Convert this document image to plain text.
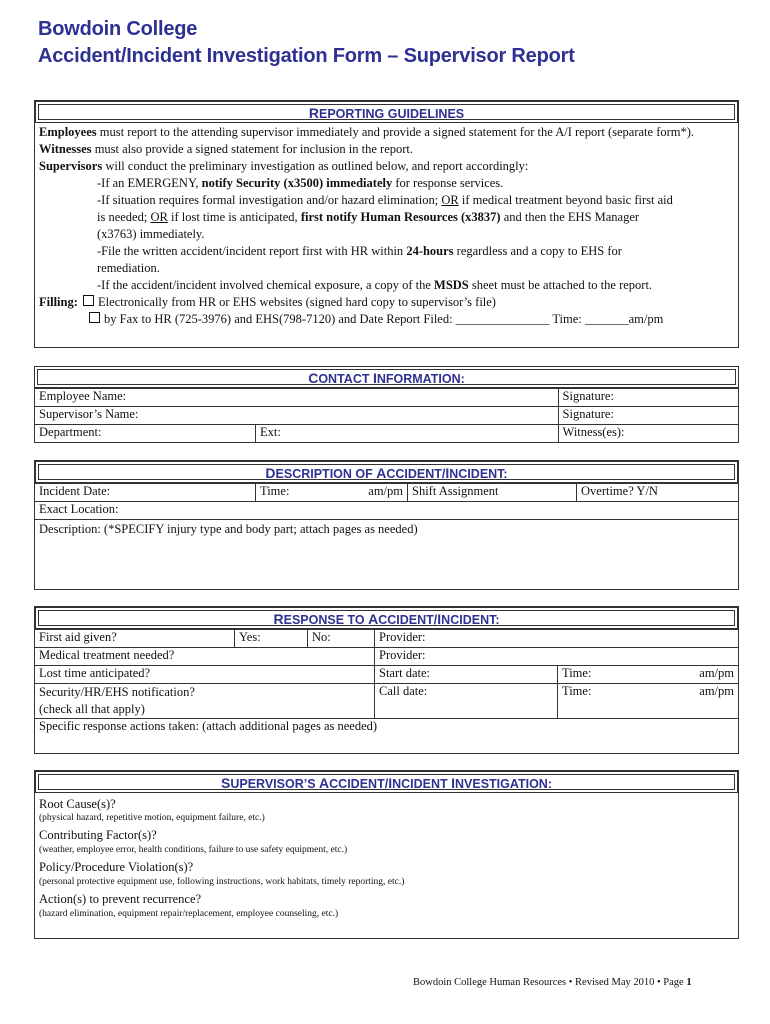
Bowdoin College
Accident/Incident Investigation Form – Supervisor Report
REPORTING GUIDELINES

Employees must report to the attending supervisor immediately and provide a signed statement for the A/I report (separate form*).

Witnesses must also provide a signed statement for inclusion in the report.

Supervisors will conduct the preliminary investigation as outlined below, and report accordingly:

-If an EMERGENY, notify Security (x3500) immediately for response services.

-If situation requires formal investigation and/or hazard elimination; OR if medical treatment beyond basic first aid

is needed; OR if lost time is anticipated, first notify Human Resources (x3837) and then the EHS Manager

(x3763) immediately.

-File the written accident/incident report first with HR within 24-hours regardless and a copy to EHS for

remediation.

-If the accident/incident involved chemical exposure, a copy of the MSDS sheet must be attached to the report.

Filling: Electronically from HR or EHS websites (signed hard copy to supervisor’s file)

by Fax to HR (725-3976) and EHS(798-7120) and Date Report Filed: _______________ Time: _______am/pm

CONTACT INFORMATION:
Employee Name:		Signature:
Supervisor’s Name:		Signature:
Department:	Ext:	Witness(es):
DESCRIPTION OF ACCIDENT/INCIDENT:
Incident Date:	Time:	am/pm	Shift Assignment	Overtime? Y/N
Exact Location:
Description: (*SPECIFY injury type and body part; attach pages as needed)
RESPONSE TO ACCIDENT/INCIDENT:
First aid given?	Yes:	No:	Provider:		
Medical treatment needed?			Provider:		
Lost time anticipated?			Start date:	Time:	am/pm

Security/HR/EHS notification?
(check all that apply)			Call date:	Time:	am/pm
Specific response actions taken: (attach additional pages as needed)
SUPERVISOR’S ACCIDENT/INCIDENT INVESTIGATION:
Root Cause(s)?
(physical hazard, repetitive motion, equipment failure, etc.)
Contributing Factor(s)?
(weather, employee error, health conditions, failure to use safety equipment, etc.)
Policy/Procedure Violation(s)?
(personal protective equipment use, following instructions, work habitats, timely reporting, etc.)
Action(s) to prevent recurrence?
(hazard elimination, equipment repair/replacement, employee counseling, etc.)
Bowdoin College Human Resources • Revised May 2010 • Page 1
